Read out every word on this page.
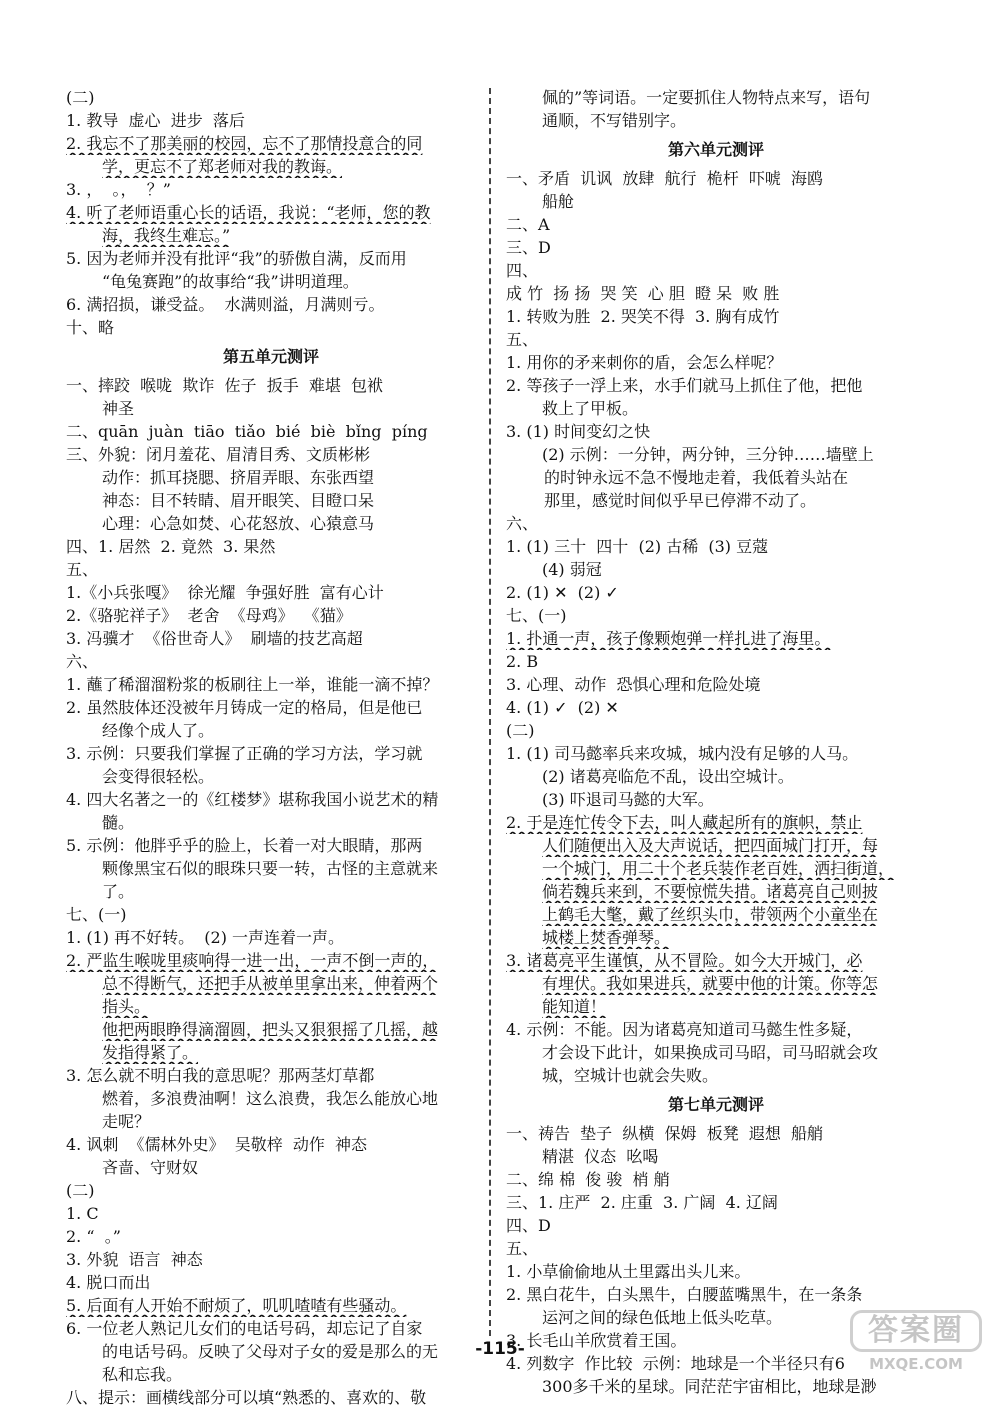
(二)
1. 教导  虚心  进步  落后
2. 我忘不了那美丽的校园，忘不了那情投意合的同
学，更忘不了郑老师对我的教诲。
3. ，  。，  ？”
4. 听了老师语重心长的话语，我说：“老师，您的教
海，我终生难忘。”
5. 因为老师并没有批评“我”的骄傲自满，反而用
“龟兔赛跑”的故事给“我”讲明道理。
6. 满招损，谦受益。  水满则溢，月满则亏。
十、略
第五单元测评
一、摔跤  喉咙  欺诈  佐子  扳手  难堪  包袱
神圣
二、quān  juàn  tiāo  tiǎo  bié  biè  bǐng  píng
三、外貌：闭月羞花、眉清目秀、文质彬彬
动作：抓耳挠腮、挤眉弄眼、东张西望
神态：目不转睛、眉开眼笑、目瞪口呆
心理：心急如焚、心花怒放、心猿意马
四、1. 居然  2. 竟然  3. 果然
五、
1.《小兵张嘎》  徐光耀  争强好胜  富有心计
2.《骆驼祥子》  老舍  《母鸡》  《猫》
3. 冯骥才  《俗世奇人》  刷墙的技艺高超
六、
1. 蘸了稀溜溜粉浆的板刷往上一举，谁能一滴不掉？
2. 虽然肢体还没被年月铸成一定的格局，但是他已
经像个成人了。
3. 示例：只要我们掌握了正确的学习方法，学习就
会变得很轻松。
4. 四大名著之一的《红楼梦》堪称我国小说艺术的精
髓。
5. 示例：他胖乎乎的脸上，长着一对大眼睛，那两
颗像黑宝石似的眼珠只要一转，古怪的主意就来
了。
七、(一)
1. (1) 再不好转。  (2) 一声连着一声。
2. 严监生喉咙里痰响得一进一出，一声不倒一声的，
总不得断气，还把手从被单里拿出来，伸着两个
指头。
他把两眼睁得滴溜圆，把头又狠狠摇了几摇，越
发指得紧了。
3. 怎么就不明白我的意思呢？那两茎灯草都
燃着，多浪费油啊！这么浪费，我怎么能放心地
走呢？
4. 讽刺  《儒林外史》  吴敬梓  动作  神态
吝啬、守财奴
(二)
1. C
2. “  。”
3. 外貌  语言  神态
4. 脱口而出
5. 后面有人开始不耐烦了，叽叽喳喳有些骚动。
6. 一位老人熟记儿女们的电话号码，却忘记了自家
的电话号码。反映了父母对子女的爱是那么的无
私和忘我。
八、提示：画横线部分可以填“熟悉的、喜欢的、敬
佩的”等词语。一定要抓住人物特点来写，语句
通顺，不写错别字。
第六单元测评
一、矛盾  讥讽  放肆  航行  桅杆  吓唬  海鸥
船舱
二、A
三、D
四、
成 竹  扬 扬  哭 笑  心 胆  瞪 呆  败 胜
1. 转败为胜  2. 哭笑不得  3. 胸有成竹
五、
1. 用你的矛来刺你的盾，会怎么样呢？
2. 等孩子一浮上来，水手们就马上抓住了他，把他
救上了甲板。
3. (1) 时间变幻之快
(2) 示例：一分钟，两分钟，三分钟……墙壁上
的时钟永远不急不慢地走着，我低着头站在
那里，感觉时间似乎早已停滞不动了。
六、
1. (1) 三十  四十  (2) 古稀  (3) 豆蔻
(4) 弱冠
2. (1) ✕  (2) ✓
七、(一)
1. 扑通一声，孩子像颗炮弹一样扎进了海里。
2. B
3. 心理、动作  恐惧心理和危险处境
4. (1) ✓  (2) ✕
(二)
1. (1) 司马懿率兵来攻城，城内没有足够的人马。
(2) 诸葛亮临危不乱，设出空城计。
(3) 吓退司马懿的大军。
2. 于是连忙传令下去，叫人藏起所有的旗帜，禁止
人们随便出入及大声说话，把四面城门打开，每
一个城门，用二十个老兵装作老百姓，洒扫街道，
倘若魏兵来到，不要惊慌失措。诸葛亮自己则披
上鹤毛大氅，戴了丝织头巾，带领两个小童坐在
城楼上焚香弹琴。
3. 诸葛亮平生谨慎，从不冒险。如今大开城门，必
有埋伏。我如果进兵，就要中他的计策。你等怎
能知道！
4. 示例：不能。因为诸葛亮知道司马懿生性多疑，
才会设下此计，如果换成司马昭，司马昭就会攻
城，空城计也就会失败。
第七单元测评
一、祷告  垫子  纵横  保姆  板凳  遐想  船艄
精湛  仪态  吆喝
二、绵 棉  俊 骏  梢 艄
三、1. 庄严  2. 庄重  3. 广阔  4. 辽阔
四、D
五、
1. 小草偷偷地从土里露出头儿来。
2. 黑白花牛，白头黑牛，白腰蓝嘴黑牛，在一条条
运河之间的绿色低地上低头吃草。
3. 长毛山羊欣赏着王国。
4. 列数字  作比较  示例：地球是一个半径只有6
300多千米的星球。同茫茫宇宙相比，地球是渺
-115-
答案圈
MXQE.COM
